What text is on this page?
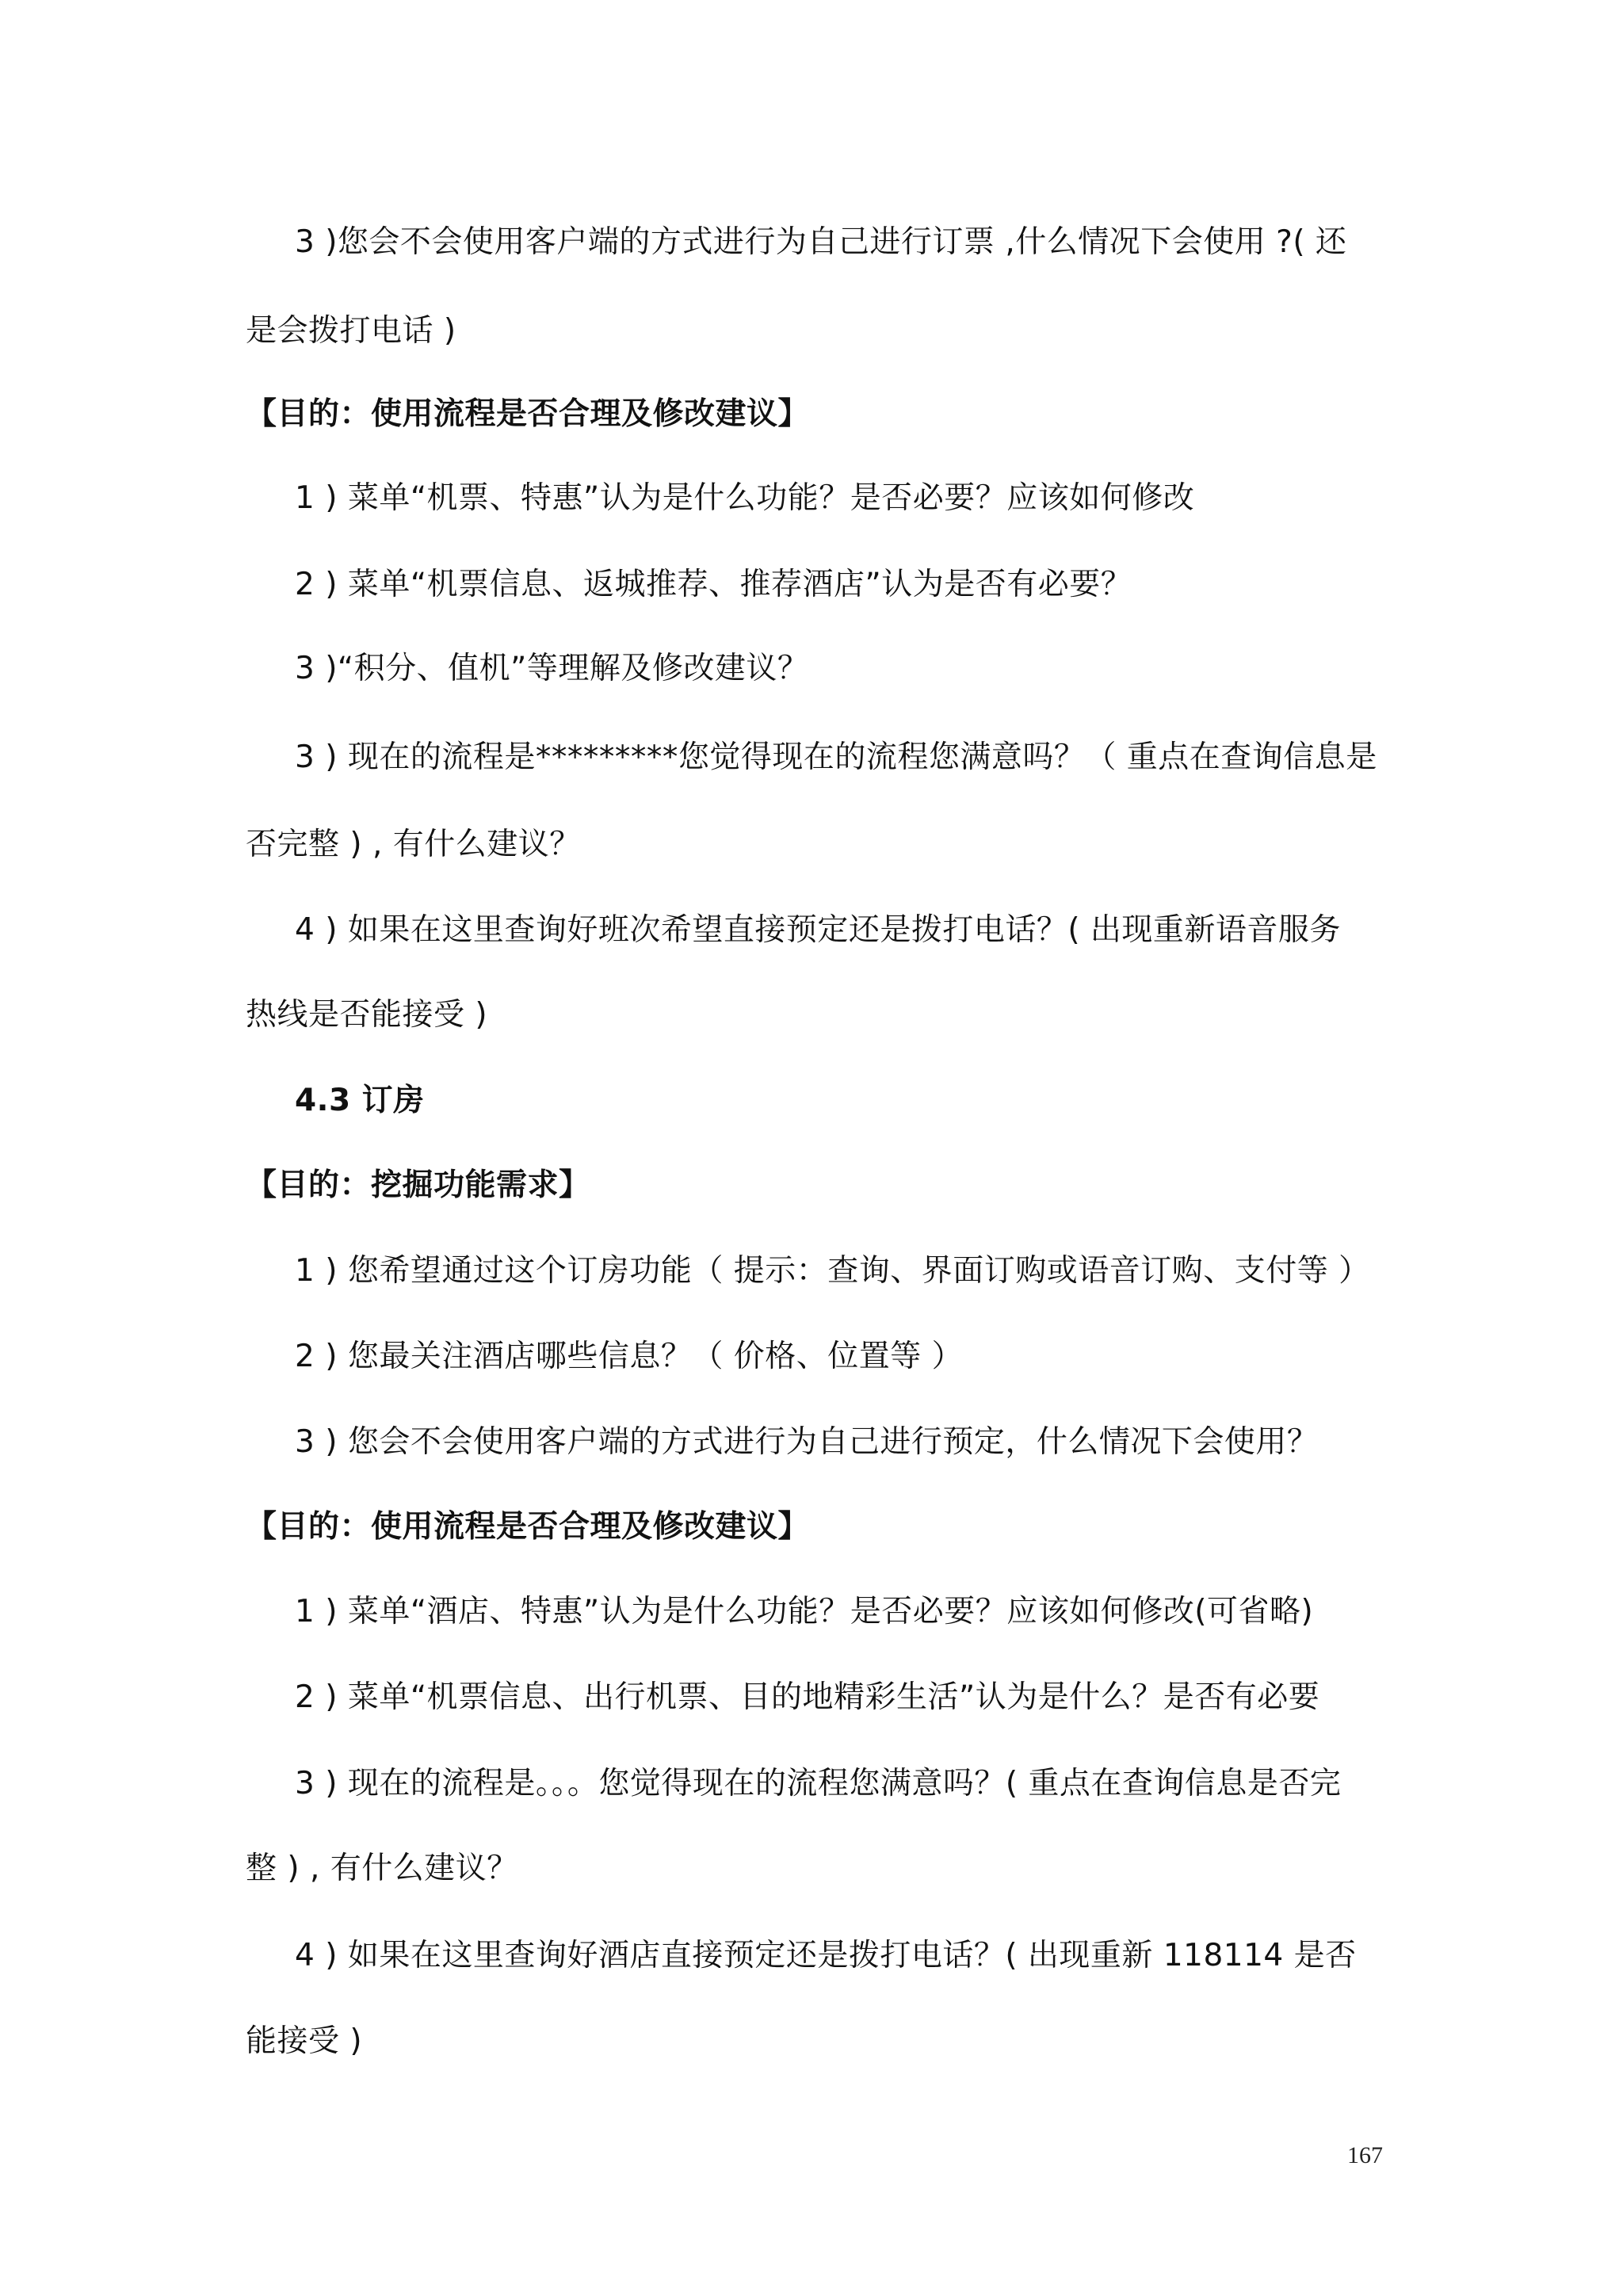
3 )您会不会使用客户端的方式进行为自己进行订票 ,什么情况下会使用 ?( 还
是会拨打电话 )
【目的：使用流程是否合理及修改建议】
1 ) 菜单“机票、特惠”认为是什么功能？是否必要？应该如何修改
2 ) 菜单“机票信息、返城推荐、推荐酒店”认为是否有必要？
3 )“积分、值机”等理解及修改建议？
3 ) 现在的流程是*********您觉得现在的流程您满意吗？（ 重点在查询信息是
否完整 ) , 有什么建议？
4 ) 如果在这里查询好班次希望直接预定还是拨打电话？( 出现重新语音服务
热线是否能接受 )
4.3 订房
【目的：挖掘功能需求】
1 ) 您希望通过这个订房功能（ 提示：查询、界面订购或语音订购、支付等 ）
2 ) 您最关注酒店哪些信息？（ 价格、位置等 ）
3 ) 您会不会使用客户端的方式进行为自己进行预定，什么情况下会使用？
【目的：使用流程是否合理及修改建议】
1 ) 菜单“酒店、特惠”认为是什么功能？是否必要？应该如何修改(可省略)
2 ) 菜单“机票信息、出行机票、目的地精彩生活”认为是什么？是否有必要
3 ) 现在的流程是。。。您觉得现在的流程您满意吗？( 重点在查询信息是否完
整 ) , 有什么建议？
4 ) 如果在这里查询好酒店直接预定还是拨打电话？( 出现重新 118114 是否
能接受 )
167
